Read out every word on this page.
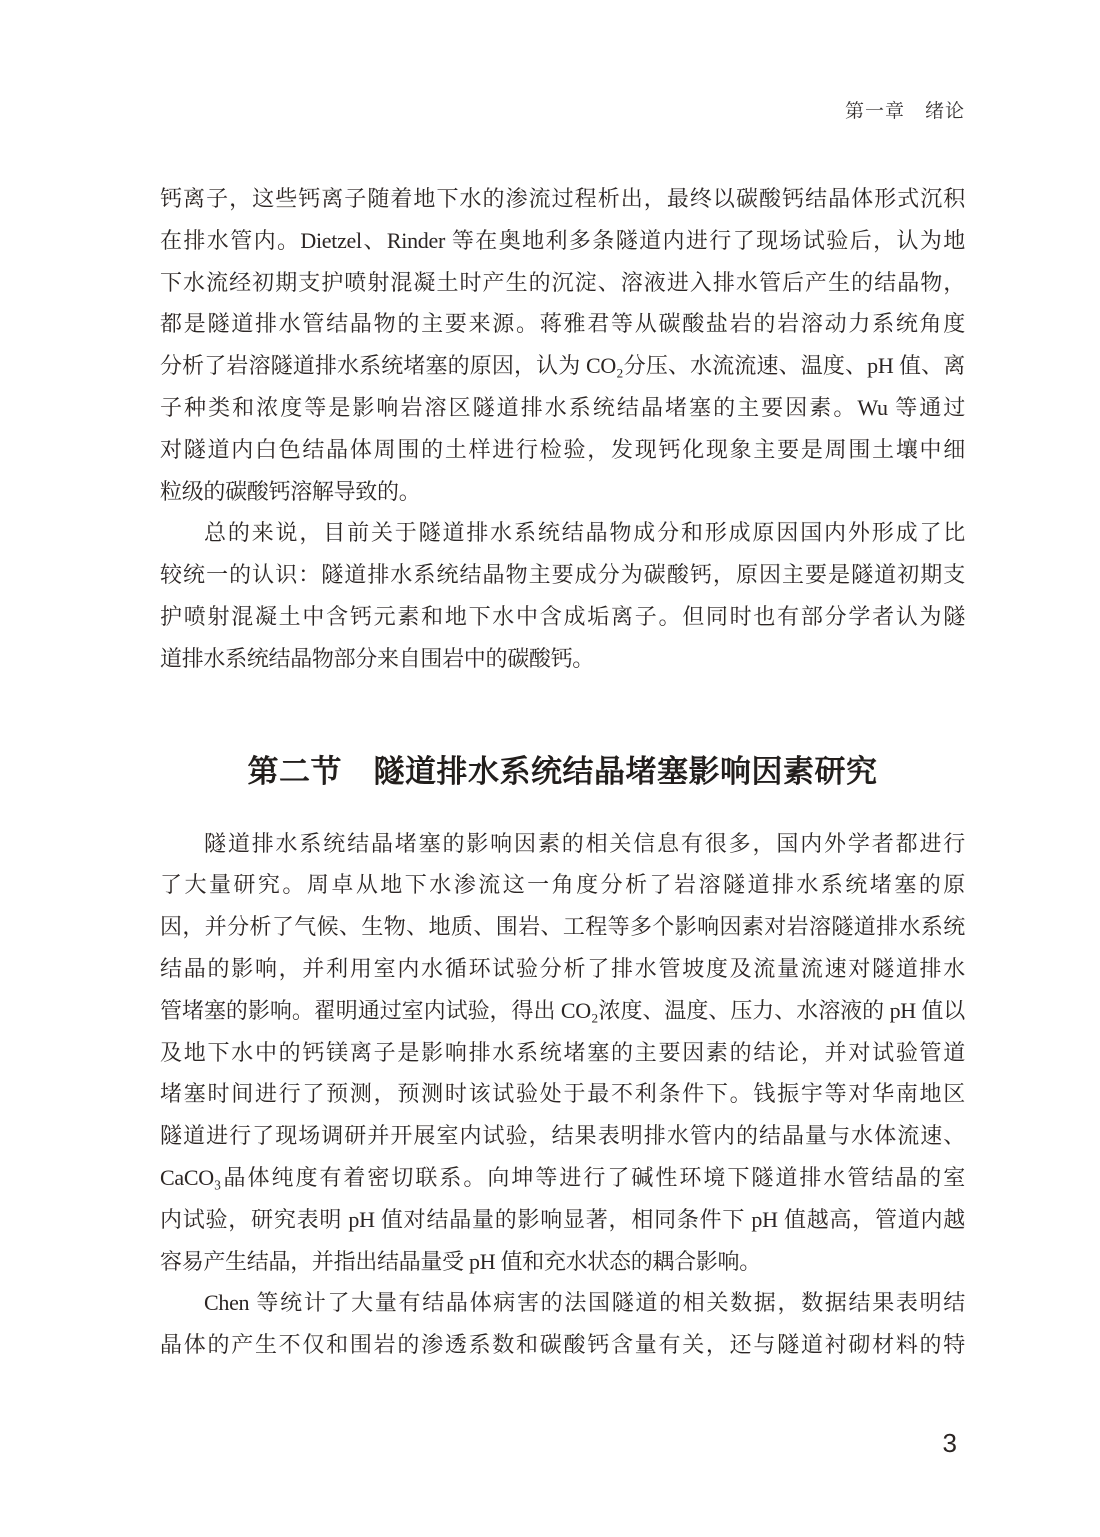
第一章　绪论
钙离子，这些钙离子随着地下水的渗流过程析出，最终以碳酸钙结晶体形式沉积
在排水管内。Dietzel、Rinder 等在奥地利多条隧道内进行了现场试验后，认为地
下水流经初期支护喷射混凝土时产生的沉淀、溶液进入排水管后产生的结晶物，
都是隧道排水管结晶物的主要来源。蒋雅君等从碳酸盐岩的岩溶动力系统角度
分析了岩溶隧道排水系统堵塞的原因，认为 CO₂分压、水流流速、温度、pH 值、离
子种类和浓度等是影响岩溶区隧道排水系统结晶堵塞的主要因素。Wu 等通过
对隧道内白色结晶体周围的土样进行检验，发现钙化现象主要是周围土壤中细
粒级的碳酸钙溶解导致的。
总的来说，目前关于隧道排水系统结晶物成分和形成原因国内外形成了比
较统一的认识：隧道排水系统结晶物主要成分为碳酸钙，原因主要是隧道初期支
护喷射混凝土中含钙元素和地下水中含成垢离子。但同时也有部分学者认为隧
道排水系统结晶物部分来自围岩中的碳酸钙。
第二节　隧道排水系统结晶堵塞影响因素研究
隧道排水系统结晶堵塞的影响因素的相关信息有很多，国内外学者都进行
了大量研究。周卓从地下水渗流这一角度分析了岩溶隧道排水系统堵塞的原
因，并分析了气候、生物、地质、围岩、工程等多个影响因素对岩溶隧道排水系统
结晶的影响，并利用室内水循环试验分析了排水管坡度及流量流速对隧道排水
管堵塞的影响。翟明通过室内试验，得出 CO₂浓度、温度、压力、水溶液的 pH 值以
及地下水中的钙镁离子是影响排水系统堵塞的主要因素的结论，并对试验管道
堵塞时间进行了预测，预测时该试验处于最不利条件下。钱振宇等对华南地区
隧道进行了现场调研并开展室内试验，结果表明排水管内的结晶量与水体流速、
CaCO₃晶体纯度有着密切联系。向坤等进行了碱性环境下隧道排水管结晶的室
内试验，研究表明 pH 值对结晶量的影响显著，相同条件下 pH 值越高，管道内越
容易产生结晶，并指出结晶量受 pH 值和充水状态的耦合影响。
Chen 等统计了大量有结晶体病害的法国隧道的相关数据，数据结果表明结
晶体的产生不仅和围岩的渗透系数和碳酸钙含量有关，还与隧道衬砌材料的特
3
